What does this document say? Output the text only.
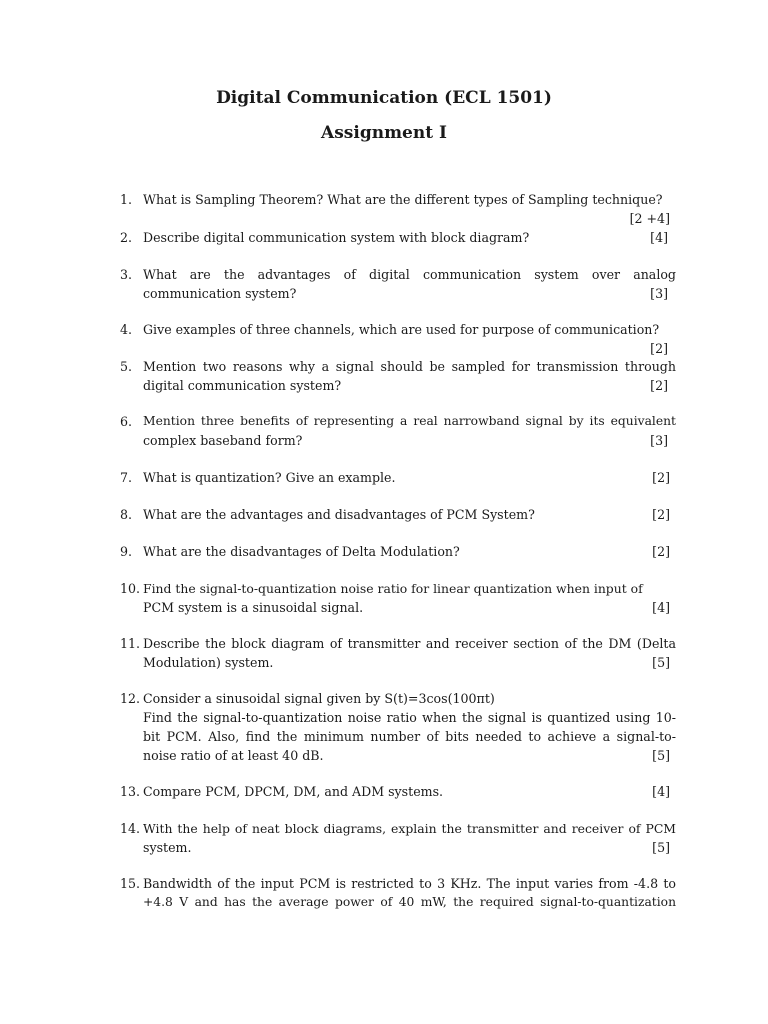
Digital Communication (ECL 1501)
Assignment I
1. What is Sampling Theorem? What are the different types of Sampling technique?
[2 +4]
2. Describe digital communication system with block diagram?	[4]
3. What are the advantages of digital communication system over analog
communication system?	[3]
4. Give examples of three channels, which are used for purpose of communication?
[2]
5. Mention two reasons why a signal should be sampled for transmission through
digital communication system?	[2]
6. Mention three benefits of representing a real narrowband signal by its equivalent
complex baseband form?	[3]
7. What is quantization? Give an example.	[2]
8. What are the advantages and disadvantages of PCM System?	[2]
9. What are the disadvantages of Delta Modulation?	[2]
10. Find the signal-to-quantization noise ratio for linear quantization when input of
PCM system is a sinusoidal signal.	[4]
11. Describe the block diagram of transmitter and receiver section of the DM (Delta
Modulation) system.	[5]
12. Consider a sinusoidal signal given by S(t)=3cos(100πt)
Find the signal-to-quantization noise ratio when the signal is quantized using 10-
bit PCM. Also, find the minimum number of bits needed to achieve a signal-to-
noise ratio of at least 40 dB.	[5]
13. Compare PCM, DPCM, DM, and ADM systems.	[4]
14. With the help of neat block diagrams, explain the transmitter and receiver of PCM
system.	[5]
15. Bandwidth of the input PCM is restricted to 3 KHz. The input varies from -4.8 to
+4.8 V and has the average power of 40 mW, the required signal-to-quantization
